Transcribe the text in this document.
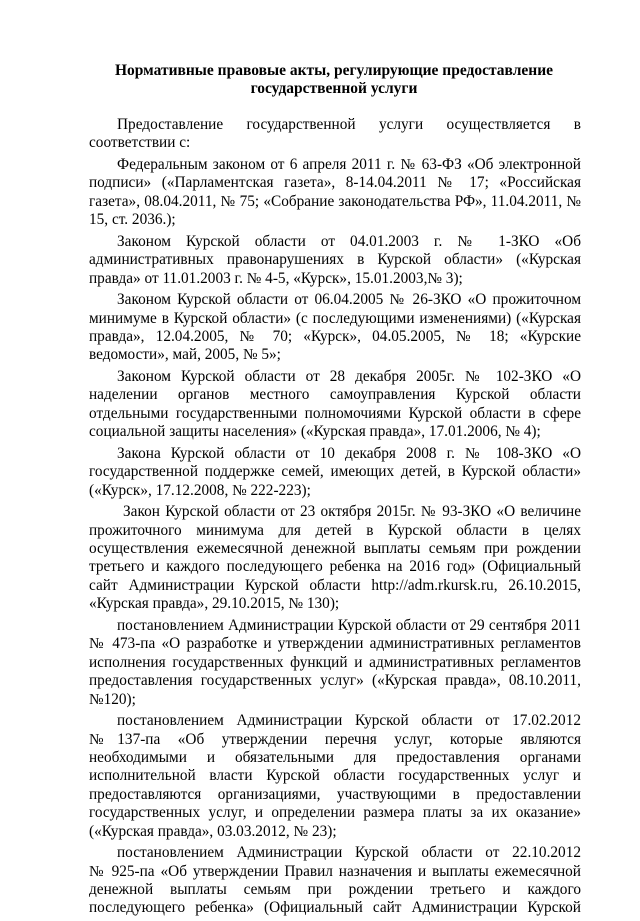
Нормативные правовые акты, регулирующие предоставление
государственной услуги

Предоставление государственной услуги осуществляется в
соответствии с:

Федеральным законом от 6 апреля 2011 г. № 63-ФЗ «Об электронной
подписи» («Парламентская газета», 8-14.04.2011 № 17; «Российская
газета», 08.04.2011, № 75; «Собрание законодательства РФ», 11.04.2011, №
15, ст. 2036.);

Законом Курской области от 04.01.2003 г. № 1-ЗКО «Об
административных правонарушениях в Курской области» («Курская
правда» от 11.01.2003 г. № 4-5, «Курск», 15.01.2003,№ 3);

Законом Курской области от 06.04.2005 № 26-ЗКО «О прожиточном
минимуме в Курской области» (с последующими изменениями) («Курская
правда», 12.04.2005, № 70; «Курск», 04.05.2005, № 18; «Курские
ведомости», май, 2005, № 5»;

Законом Курской области от 28 декабря 2005г. № 102-ЗКО «О
наделении органов местного самоуправления Курской области
отдельными государственными полномочиями Курской области в сфере
социальной защиты населения» («Курская правда», 17.01.2006, № 4);

Закона Курской области от 10 декабря 2008 г. № 108-ЗКО «О
государственной поддержке семей, имеющих детей, в Курской области»
(«Курск», 17.12.2008, № 222-223);

Закон Курской области от 23 октября 2015г. № 93-ЗКО «О величине
прожиточного минимума для детей в Курской области в целях
осуществления ежемесячной денежной выплаты семьям при рождении
третьего и каждого последующего ребенка на 2016 год» (Официальный
сайт Администрации Курской области http://adm.rkursk.ru, 26.10.2015,
«Курская правда», 29.10.2015, № 130);

постановлением Администрации Курской области от 29 сентября 2011
№ 473-па «О разработке и утверждении административных регламентов
исполнения государственных функций и административных регламентов
предоставления государственных услуг» («Курская правда», 08.10.2011,
№120);

постановлением Администрации Курской области от 17.02.2012
№137-па «Об утверждении перечня услуг, которые являются
необходимыми и обязательными для предоставления органами
исполнительной власти Курской области государственных услуг и
предоставляются организациями, участвующими в предоставлении
государственных услуг, и определении размера платы за их оказание»
(«Курская правда», 03.03.2012, № 23);

постановлением Администрации Курской области от 22.10.2012
№ 925-па «Об утверждении Правил назначения и выплаты ежемесячной
денежной выплаты семьям при рождении третьего и каждого
последующего ребенка» (Официальный сайт Администрации Курской
